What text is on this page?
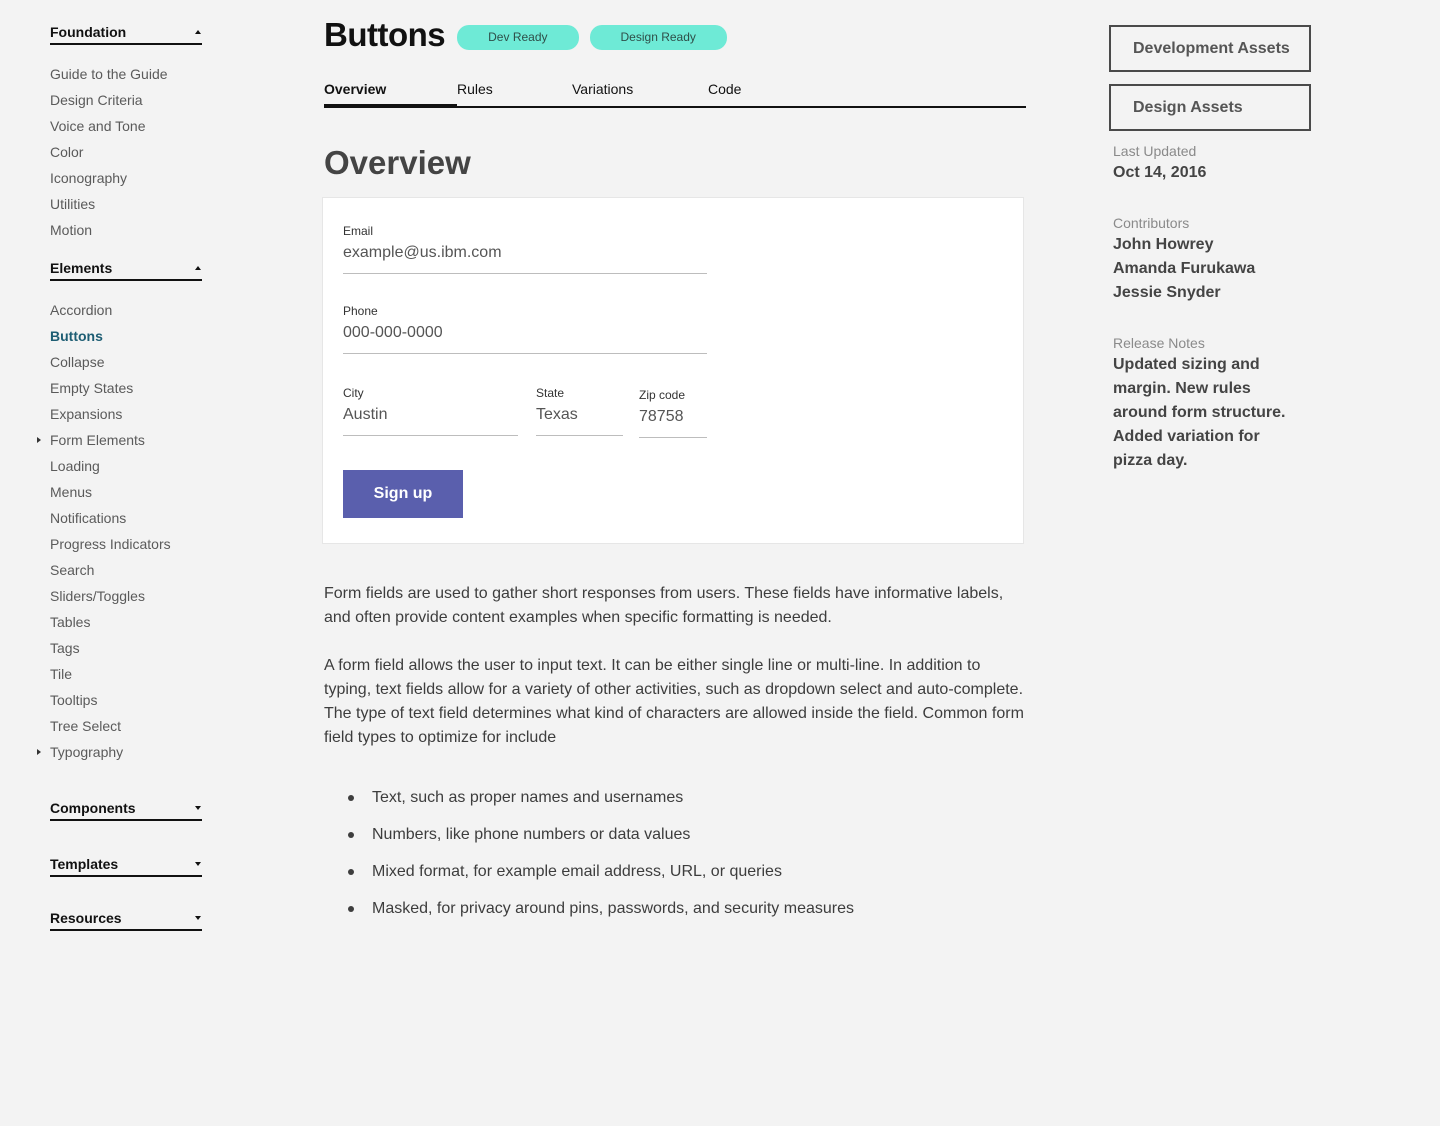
Foundation
Guide to the Guide
Design Criteria
Voice and Tone
Color
Iconography
Utilities
Motion
Elements
Accordion
Buttons
Collapse
Empty States
Expansions
Form Elements
Loading
Menus
Notifications
Progress Indicators
Search
Sliders/Toggles
Tables
Tags
Tile
Tooltips
Tree Select
Typography
Components
Templates
Resources
Buttons	Dev Ready	Design Ready
Overview	Rules	Variations	Code
Overview
Email
example@us.ibm.com
Phone
000-000-0000
City
Austin
State
Texas
Zip code
78758
Sign up

Form fields are used to gather short responses from users. These fields have informative labels, and often provide content examples when specific formatting is needed.

A form field allows the user to input text. It can be either single line or multi-line. In addition to typing, text fields allow for a variety of other activities, such as dropdown select and auto-complete. The type of text field determines what kind of characters are allowed inside the field. Common form field types to optimize for include

Text, such as proper names and usernames
Numbers, like phone numbers or data values
Mixed format, for example email address, URL, or queries
Masked, for privacy around pins, passwords, and security measures
Development Assets
Design Assets
Last Updated
Oct 14, 2016
Contributors
John Howrey
Amanda Furukawa
Jessie Snyder
Release Notes
Updated sizing and margin. New rules around form structure. Added variation for pizza day.
